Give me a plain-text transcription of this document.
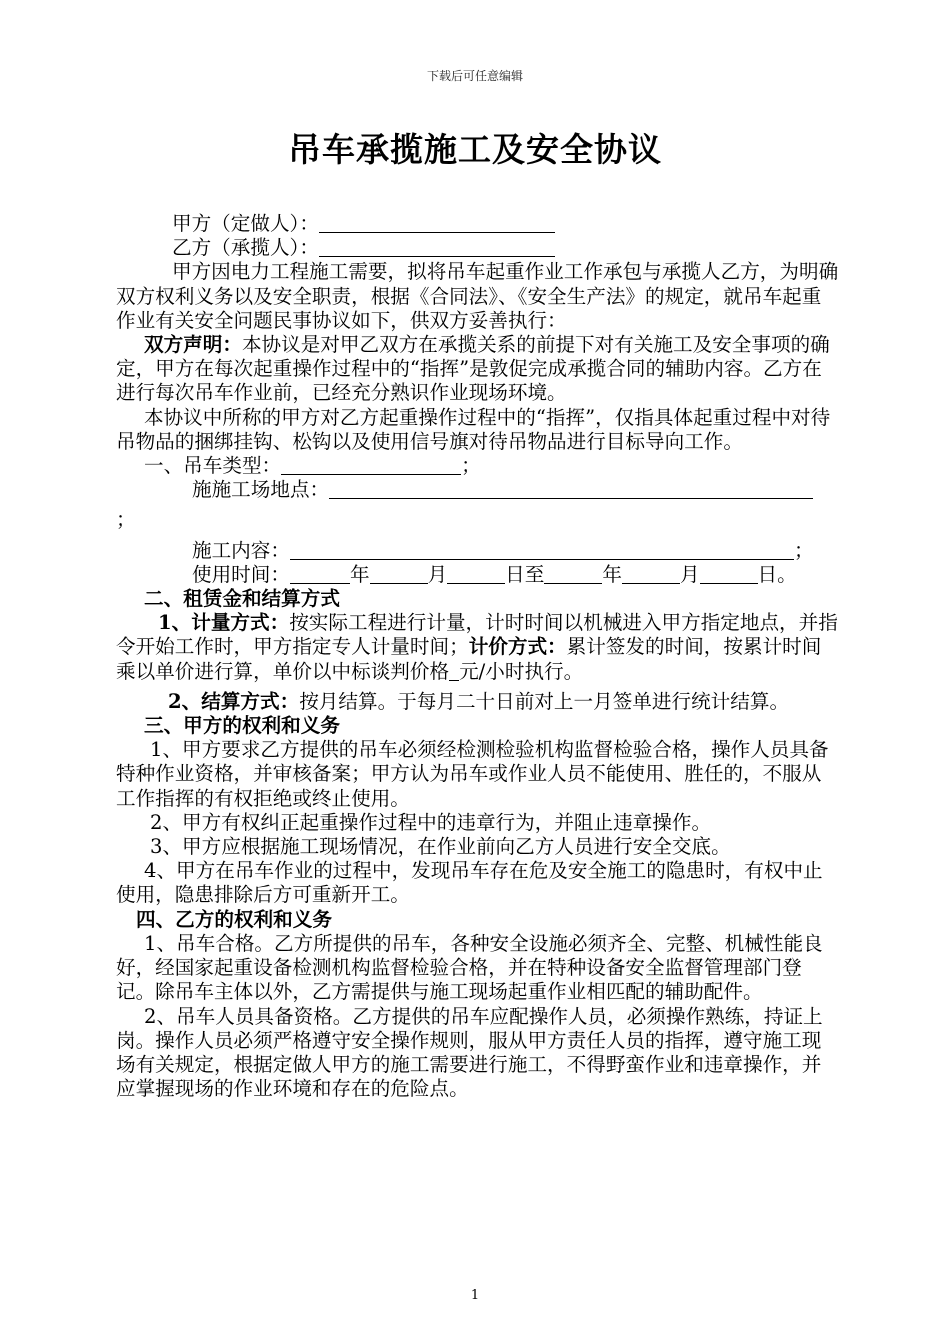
下载后可任意编辑
吊车承揽施工及安全协议

甲方（定做人）：

乙方（承揽人）：

甲方因电力工程施工需要，拟将吊车起重作业工作承包与承揽人乙方，为明确双方权利义务以及安全职责，根据《合同法》、《安全生产法》的规定，就吊车起重作业有关安全问题民事协议如下，供双方妥善执行：

双方声明：本协议是对甲乙双方在承揽关系的前提下对有关施工及安全事项的确定，甲方在每次起重操作过程中的“指挥”是敦促完成承揽合同的辅助内容。乙方在进行每次吊车作业前，已经充分熟识作业现场环境。

本协议中所称的甲方对乙方起重操作过程中的“指挥”，仅指具体起重过程中对待吊物品的捆绑挂钩、松钩以及使用信号旗对待吊物品进行目标导向工作。

一、吊车类型：	；

施施工场地点：

；

施工内容：	；

使用时间：	年	月	日至	年	月	日。

二、租赁金和结算方式

1、计量方式：按实际工程进行计量，计时时间以机械进入甲方指定地点，并指令开始工作时，甲方指定专人计量时间；计价方式：累计签发的时间，按累计时间乘以单价进行算，单价以中标谈判价格 元/小时执行。

2、结算方式：按月结算。于每月二十日前对上一月签单进行统计结算。

三、甲方的权利和义务

1、甲方要求乙方提供的吊车必须经检测检验机构监督检验合格，操作人员具备特种作业资格，并审核备案；甲方认为吊车或作业人员不能使用、胜任的，不服从工作指挥的有权拒绝或终止使用。

2、甲方有权纠正起重操作过程中的违章行为，并阻止违章操作。

3、甲方应根据施工现场情况，在作业前向乙方人员进行安全交底。

4、甲方在吊车作业的过程中，发现吊车存在危及安全施工的隐患时，有权中止使用，隐患排除后方可重新开工。

四、乙方的权利和义务

1、吊车合格。乙方所提供的吊车，各种安全设施必须齐全、完整、机械性能良好，经国家起重设备检测机构监督检验合格，并在特种设备安全监督管理部门登记。除吊车主体以外，乙方需提供与施工现场起重作业相匹配的辅助配件。

2、吊车人员具备资格。乙方提供的吊车应配操作人员，必须操作熟练，持证上岗。操作人员必须严格遵守安全操作规则，服从甲方责任人员的指挥，遵守施工现场有关规定，根据定做人甲方的施工需要进行施工，不得野蛮作业和违章操作，并应掌握现场的作业环境和存在的危险点。

1
